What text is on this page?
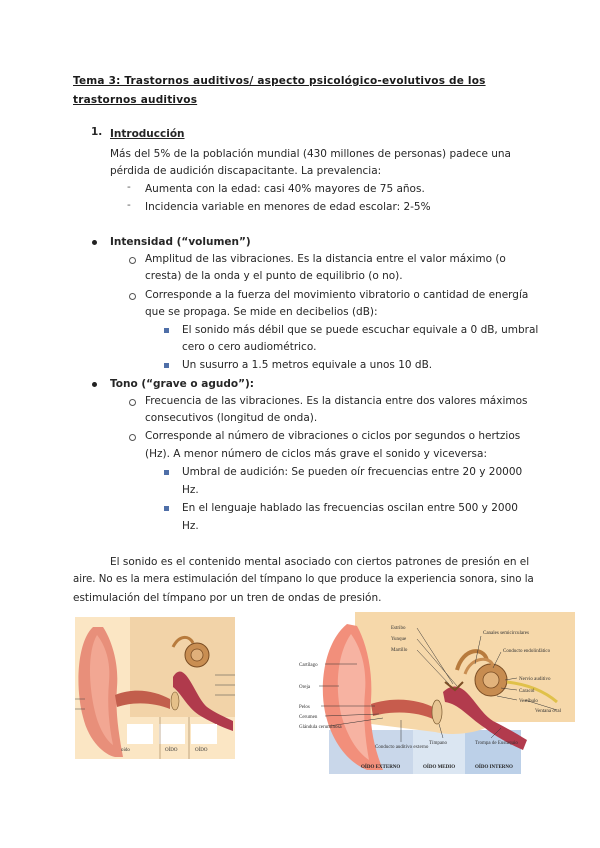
Tema 3: Trastornos auditivos/ aspecto psicológico-evolutivos de los trastornos auditivos
1. Introducción
Más del 5% de la población mundial (430 millones de personas) padece una
pérdida de audición discapacitante. La prevalencia:
- Aumenta con la edad: casi 40% mayores de 75 años.
- Incidencia variable en menores de edad escolar: 2-5%
Intensidad (“volumen”)
Amplitud de las vibraciones. Es la distancia entre el valor máximo (o
cresta) de la onda y el punto de equilibrio (o no).
Corresponde a la fuerza del movimiento vibratorio o cantidad de energía
que se propaga. Se mide en decibelios (dB):
El sonido más débil que se puede escuchar equivale a 0 dB, umbral
cero o cero audiométrico.
Un susurro a 1.5 metros equivale a unos 10 dB.
Tono (“grave o agudo”):
Frecuencia de las vibraciones. Es la distancia entre dos valores máximos
consecutivos (longitud de onda).
Corresponde al número de vibraciones o ciclos por segundos o hertzios
(Hz). A menor número de ciclos más grave el sonido y viceversa:
Umbral de audición: Se pueden oír frecuencias entre 20 y 20000
Hz.
En el lenguaje hablado las frecuencias oscilan entre 500 y 2000
Hz.
El sonido es el contenido mental asociado con ciertos patrones de presión en el
aire. No es la mera estimulación del tímpano lo que produce la experiencia sonora, sino la
estimulación del tímpano por un tren de ondas de presión.
oído	OÍDO	OÍDO
Estribo
Yunque
Martillo
Canales semicirculares
Conducto endolinfático
Nervio auditivo
Caracol
Vestíbulo
Ventana oval
Cartílago
Oreja
Pelos
Cerumen
Glándula ceruminosa
Conducto auditivo externo
Tímpano	Trompa de Eustaquio
OÍDO EXTERNO	OÍDO MEDIO	OÍDO INTERNO
